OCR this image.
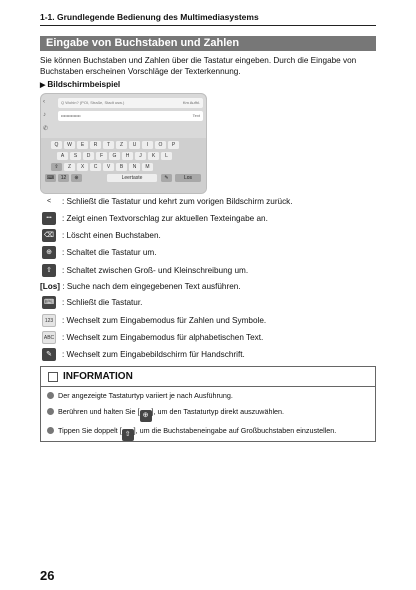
1-1. Grundlegende Bedienung des Multimediasystems
Eingabe von Buchstaben und Zahlen
Sie können Buchstaben und Zahlen über die Tastatur eingeben. Durch die Eingabe von Buchstaben erscheinen Vorschläge der Texterkennung.
▶ Bildschirmbeispiel
‹
♪
✆
Q Wohin? (POI, Straße, Stadt usw.)	Km Aufhl.
••••••••••••••	Text
Q	W	E	R	T	Z	U	I	O	P
A	S	D	F	G	H	J	K	L
⇧	Z	X	C	V	B	N	M
⌨	12	⊕	Leertaste	✎	Los
<	: Schließt die Tastatur und kehrt zum vorigen Bildschirm zurück.
•••	: Zeigt einen Textvorschlag zur aktuellen Texteingabe an.
⌫ : Löscht einen Buchstaben.
⊕	: Schaltet die Tastatur um.
⇧	: Schaltet zwischen Groß- und Kleinschreibung um.
[Los] : Suche nach dem eingegebenen Text ausführen.
⌨ : Schließt die Tastatur.
123	: Wechselt zum Eingabemodus für Zahlen und Symbole.
ABC : Wechselt zum Eingabemodus für alphabetischen Text.
✎	: Wechselt zum Eingabebildschirm für Handschrift.
INFORMATION
Der angezeigte Tastaturtyp variiert je nach Ausführung.
Berühren und halten Sie [ ⊕ ], um den Tastaturtyp direkt auszuwählen.
Tippen Sie doppelt [ ⇧ ], um die Buchstabeneingabe auf Großbuchstaben einzustellen.
26
